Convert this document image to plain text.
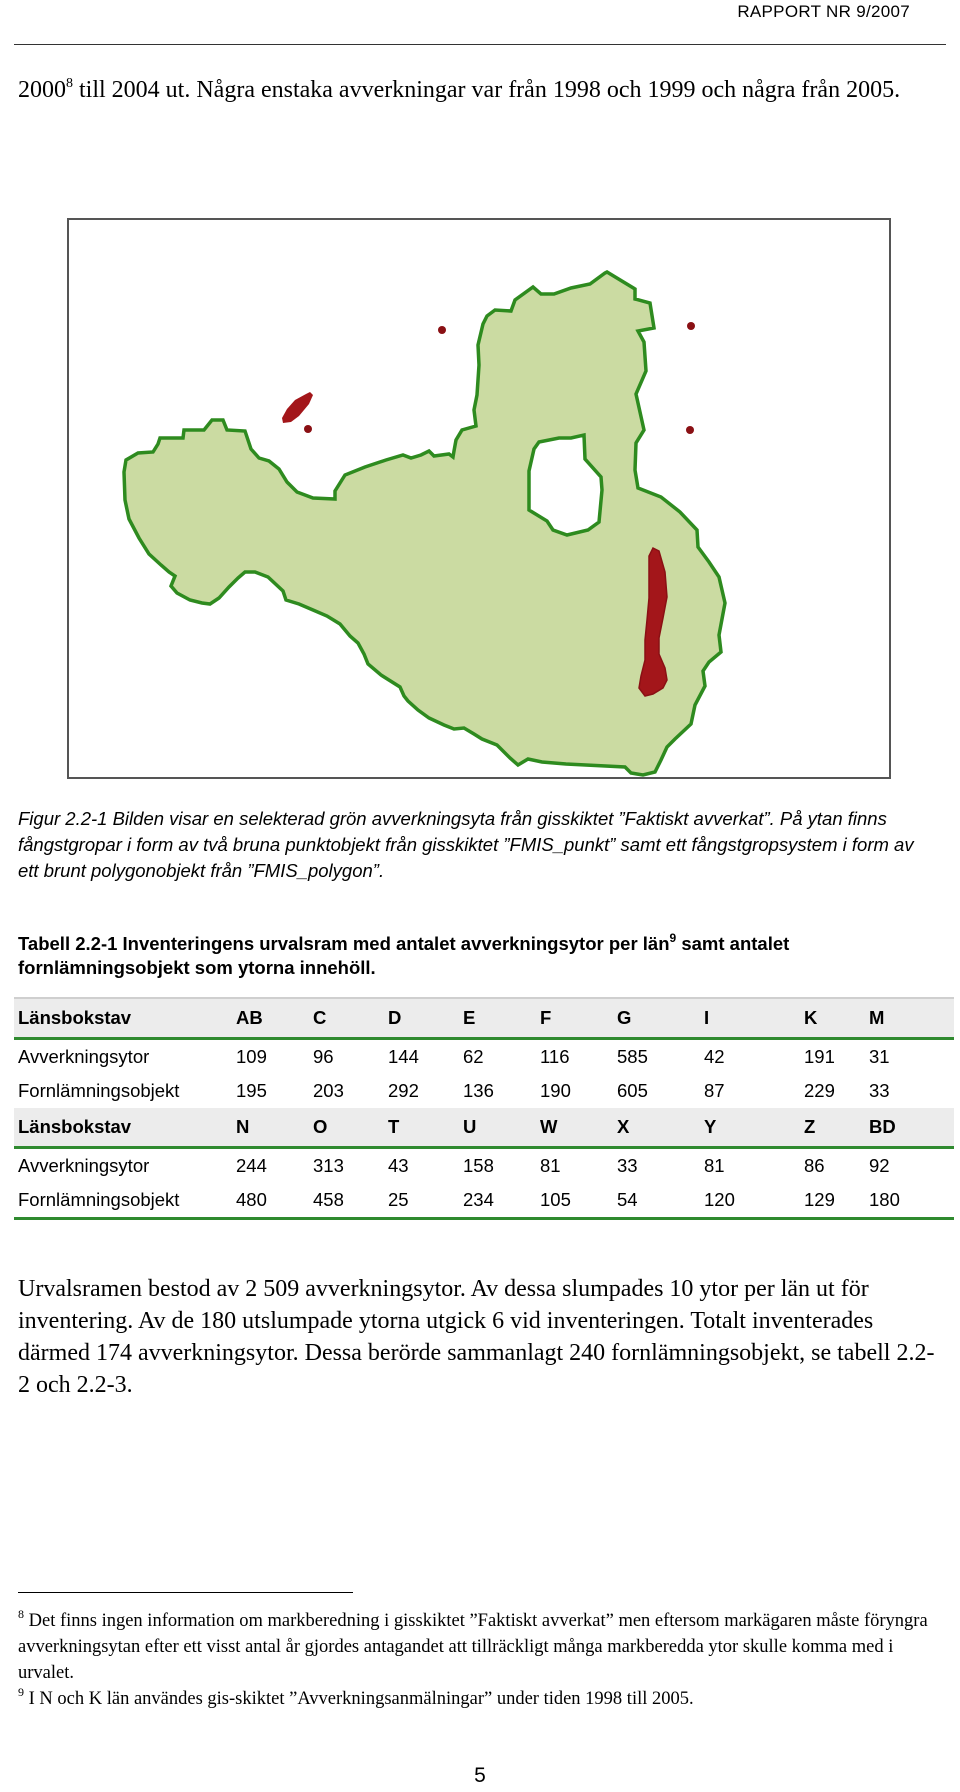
RAPPORT NR 9/2007
2000$^8$ till 2004 ut. Några enstaka avverkningar var från 1998 och 1999 och några från 2005.
Figur 2.2-1 Bilden visar en selekterad grön avverkningsyta från gisskiktet ”Faktiskt avverkat”. På ytan finns fångstgropar i form av två bruna punktobjekt från gisskiktet ”FMIS_punkt” samt ett fångstgropsystem i form av ett brunt polygonobjekt från ”FMIS_polygon”.
Tabell 2.2-1 Inventeringens urvalsram med antalet avverkningsytor per län$^9$ samt antalet fornlämningsobjekt som ytorna innehöll.
Länsbokstav	AB	C	D	E	F	G	I	K	M
Avverkningsytor	109	96	144	62	116	585	42	191	31
Fornlämningsobjekt	195	203	292	136	190	605	87	229	33
Länsbokstav	N	O	T	U	W	X	Y	Z	BD
Avverkningsytor	244	313	43	158	81	33	81	86	92
Fornlämningsobjekt	480	458	25	234	105	54	120	129	180
Urvalsramen bestod av 2 509 avverkningsytor. Av dessa slumpades 10 ytor per län ut för inventering. Av de 180 utslumpade ytorna utgick 6 vid inventeringen. Totalt inventerades därmed 174 avverkningsytor. Dessa berörde sammanlagt 240 fornlämningsobjekt, se tabell 2.2-2 och 2.2-3.
$^8$ Det finns ingen information om markberedning i gisskiktet ”Faktiskt avverkat” men eftersom markägaren måste föryngra avverkningsytan efter ett visst antal år gjordes antagandet att tillräckligt många markberedda ytor skulle komma med i urvalet.
$^9$ I N och K län användes gis-skiktet ”Avverkningsanmälningar” under tiden 1998 till 2005.
5
